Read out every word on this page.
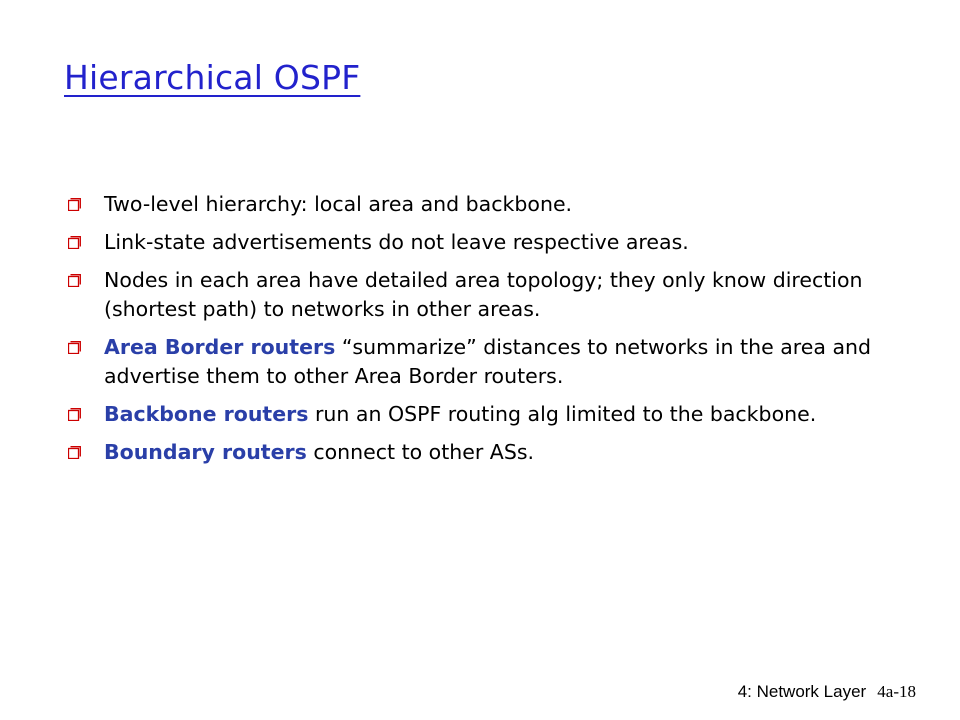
Hierarchical OSPF
Two-level hierarchy: local area and backbone.
Link-state advertisements do not leave respective areas.
Nodes in each area have detailed area topology; they only know direction (shortest path) to networks in other areas.
Area Border routers “summarize” distances to networks in the area and advertise them to other Area Border routers.
Backbone routers run an OSPF routing alg limited to the backbone.
Boundary routers connect to other ASs.
4: Network Layer 4a-18
